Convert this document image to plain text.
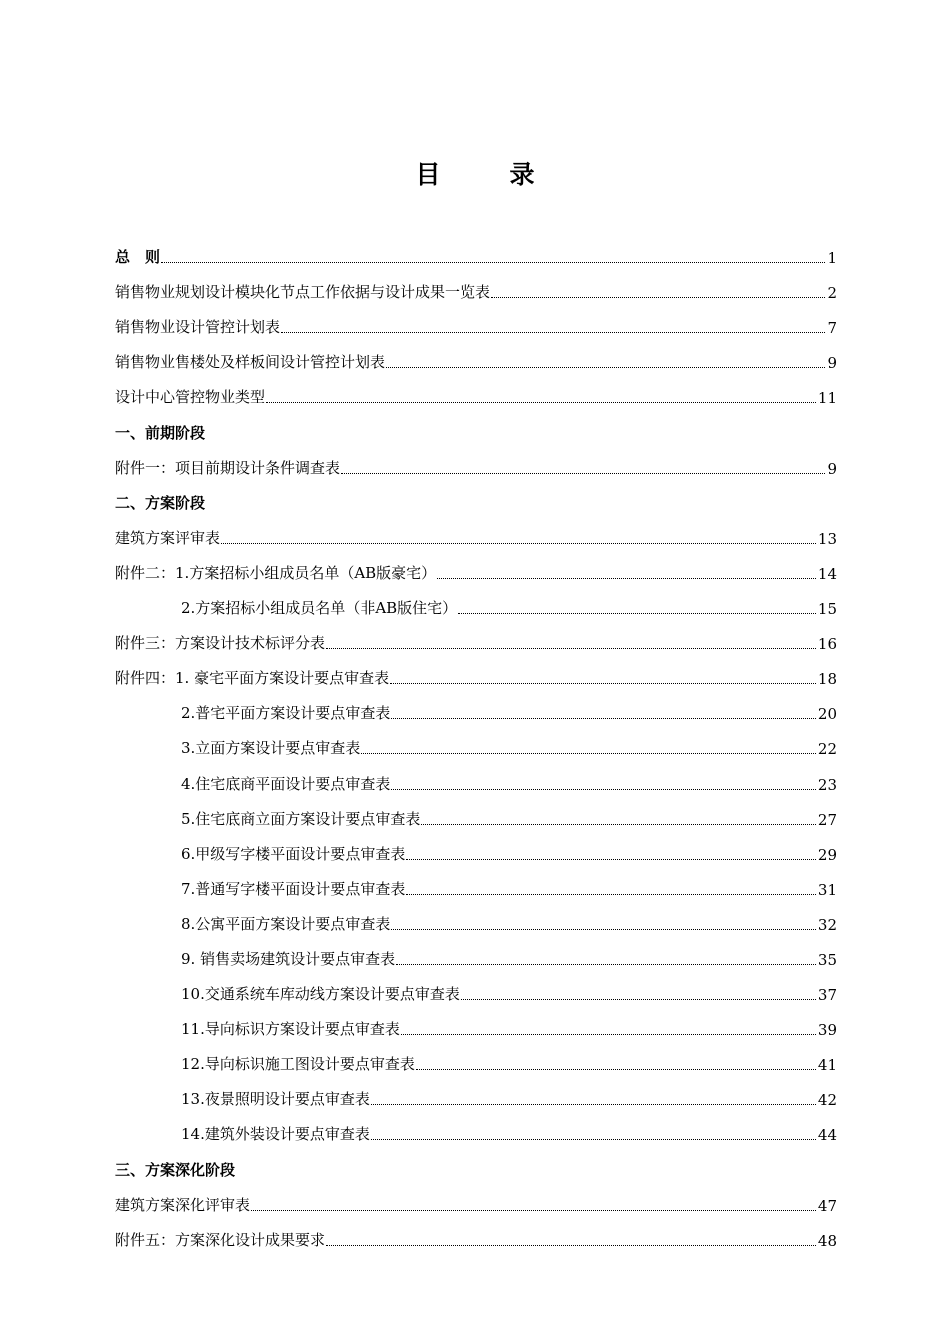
目　录
总　则	1
销售物业规划设计模块化节点工作依据与设计成果一览表	2
销售物业设计管控计划表	7
销售物业售楼处及样板间设计管控计划表	9
设计中心管控物业类型	11
一、前期阶段
附件一：项目前期设计条件调查表	9
二、方案阶段
建筑方案评审表	13
附件二： 1.方案招标小组成员名单（AB版豪宅）	14
2.方案招标小组成员名单（非AB版住宅）	15
附件三：方案设计技术标评分表	16
附件四： 1. 豪宅平面方案设计要点审查表	18
2.普宅平面方案设计要点审查表	20
3.立面方案设计要点审查表	22
4.住宅底商平面设计要点审查表	23
5.住宅底商立面方案设计要点审查表	27
6.甲级写字楼平面设计要点审查表	29
7.普通写字楼平面设计要点审查表	31
8.公寓平面方案设计要点审查表	32
9. 销售卖场建筑设计要点审查表	35
10.交通系统车库动线方案设计要点审查表	37
11.导向标识方案设计要点审查表	39
12.导向标识施工图设计要点审查表	41
13.夜景照明设计要点审查表	42
14.建筑外装设计要点审查表	44
三、方案深化阶段
建筑方案深化评审表	47
附件五：方案深化设计成果要求	48
